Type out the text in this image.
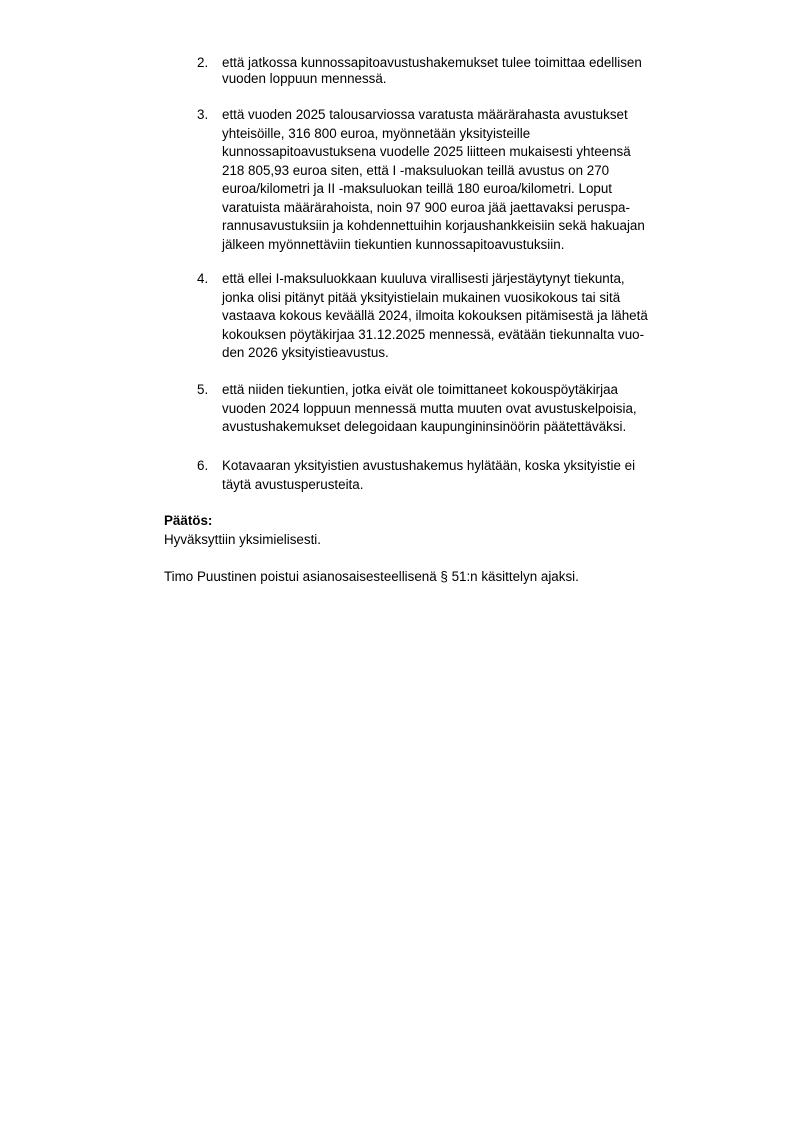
2. että jatkossa kunnossapitoavustushakemukset tulee toimittaa edellisen
vuoden loppuun mennessä.
3. että vuoden 2025 talousarviossa varatusta määrärahasta avustukset
yhteisöille, 316 800 euroa, myönnetään yksityisteille
kunnossapitoavustuksena vuodelle 2025 liitteen mukaisesti yhteensä
218 805,93 euroa siten, että I -maksuluokan teillä avustus on 270
euroa/kilometri ja II -maksuluokan teillä 180 euroa/kilometri. Loput
varatuista määrärahoista, noin 97 900 euroa jää jaettavaksi peruspa-
rannusavustuksiin ja kohdennettuihin korjaushankkeisiin sekä hakuajan
jälkeen myönnettäviin tiekuntien kunnossapitoavustuksiin.
4. että ellei I-maksuluokkaan kuuluva virallisesti järjestäytynyt tiekunta,
jonka olisi pitänyt pitää yksityistielain mukainen vuosikokous tai sitä
vastaava kokous keväällä 2024, ilmoita kokouksen pitämisestä ja lähetä
kokouksen pöytäkirjaa 31.12.2025 mennessä, evätään tiekunnalta vuo-
den 2026 yksityistieavustus.
5. että niiden tiekuntien, jotka eivät ole toimittaneet kokouspöytäkirjaa
vuoden 2024 loppuun mennessä mutta muuten ovat avustuskelpoisia,
avustushakemukset delegoidaan kaupungininsinöörin päätettäväksi.
6. Kotavaaran yksityistien avustushakemus hylätään, koska yksityistie ei
täytä avustusperusteita.
Päätös:
Hyväksyttiin yksimielisesti.
Timo Puustinen poistui asianosaisesteellisenä § 51:n käsittelyn ajaksi.
